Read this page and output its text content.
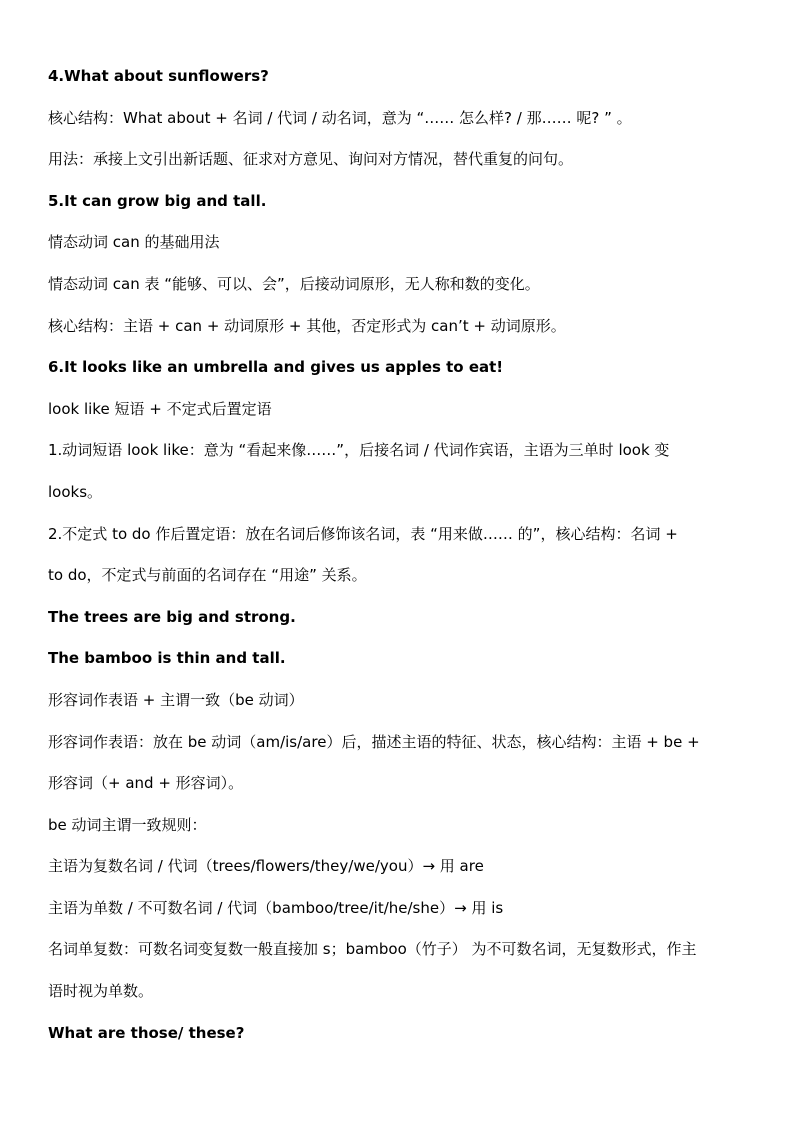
4.What about sunflowers?
核心结构：What about + 名词 / 代词 / 动名词，意为 “…… 怎么样? / 那…… 呢? ” 。
用法：承接上文引出新话题、征求对方意见、询问对方情况，替代重复的问句。
5.It can grow big and tall.
情态动词 can 的基础用法
情态动词 can 表 “能够、可以、会”，后接动词原形，无人称和数的变化。
核心结构：主语 + can + 动词原形 + 其他，否定形式为 can’t + 动词原形。
6.It looks like an umbrella and gives us apples to eat!
look like 短语 + 不定式后置定语
1.动词短语 look like：意为 “看起来像……”，后接名词 / 代词作宾语，主语为三单时 look 变
looks。
2.不定式 to do 作后置定语：放在名词后修饰该名词，表 “用来做…… 的”，核心结构：名词 +
to do，不定式与前面的名词存在 “用途” 关系。
The trees are big and strong.
The bamboo is thin and tall.
形容词作表语 + 主谓一致（be 动词）
形容词作表语：放在 be 动词（am/is/are）后，描述主语的特征、状态，核心结构：主语 + be +
形容词（+ and + 形容词）。
be 动词主谓一致规则：
主语为复数名词 / 代词（trees/flowers/they/we/you）→ 用 are
主语为单数 / 不可数名词 / 代词（bamboo/tree/it/he/she）→ 用 is
名词单复数：可数名词变复数一般直接加 s；bamboo（竹子） 为不可数名词，无复数形式，作主
语时视为单数。
What are those/ these?
